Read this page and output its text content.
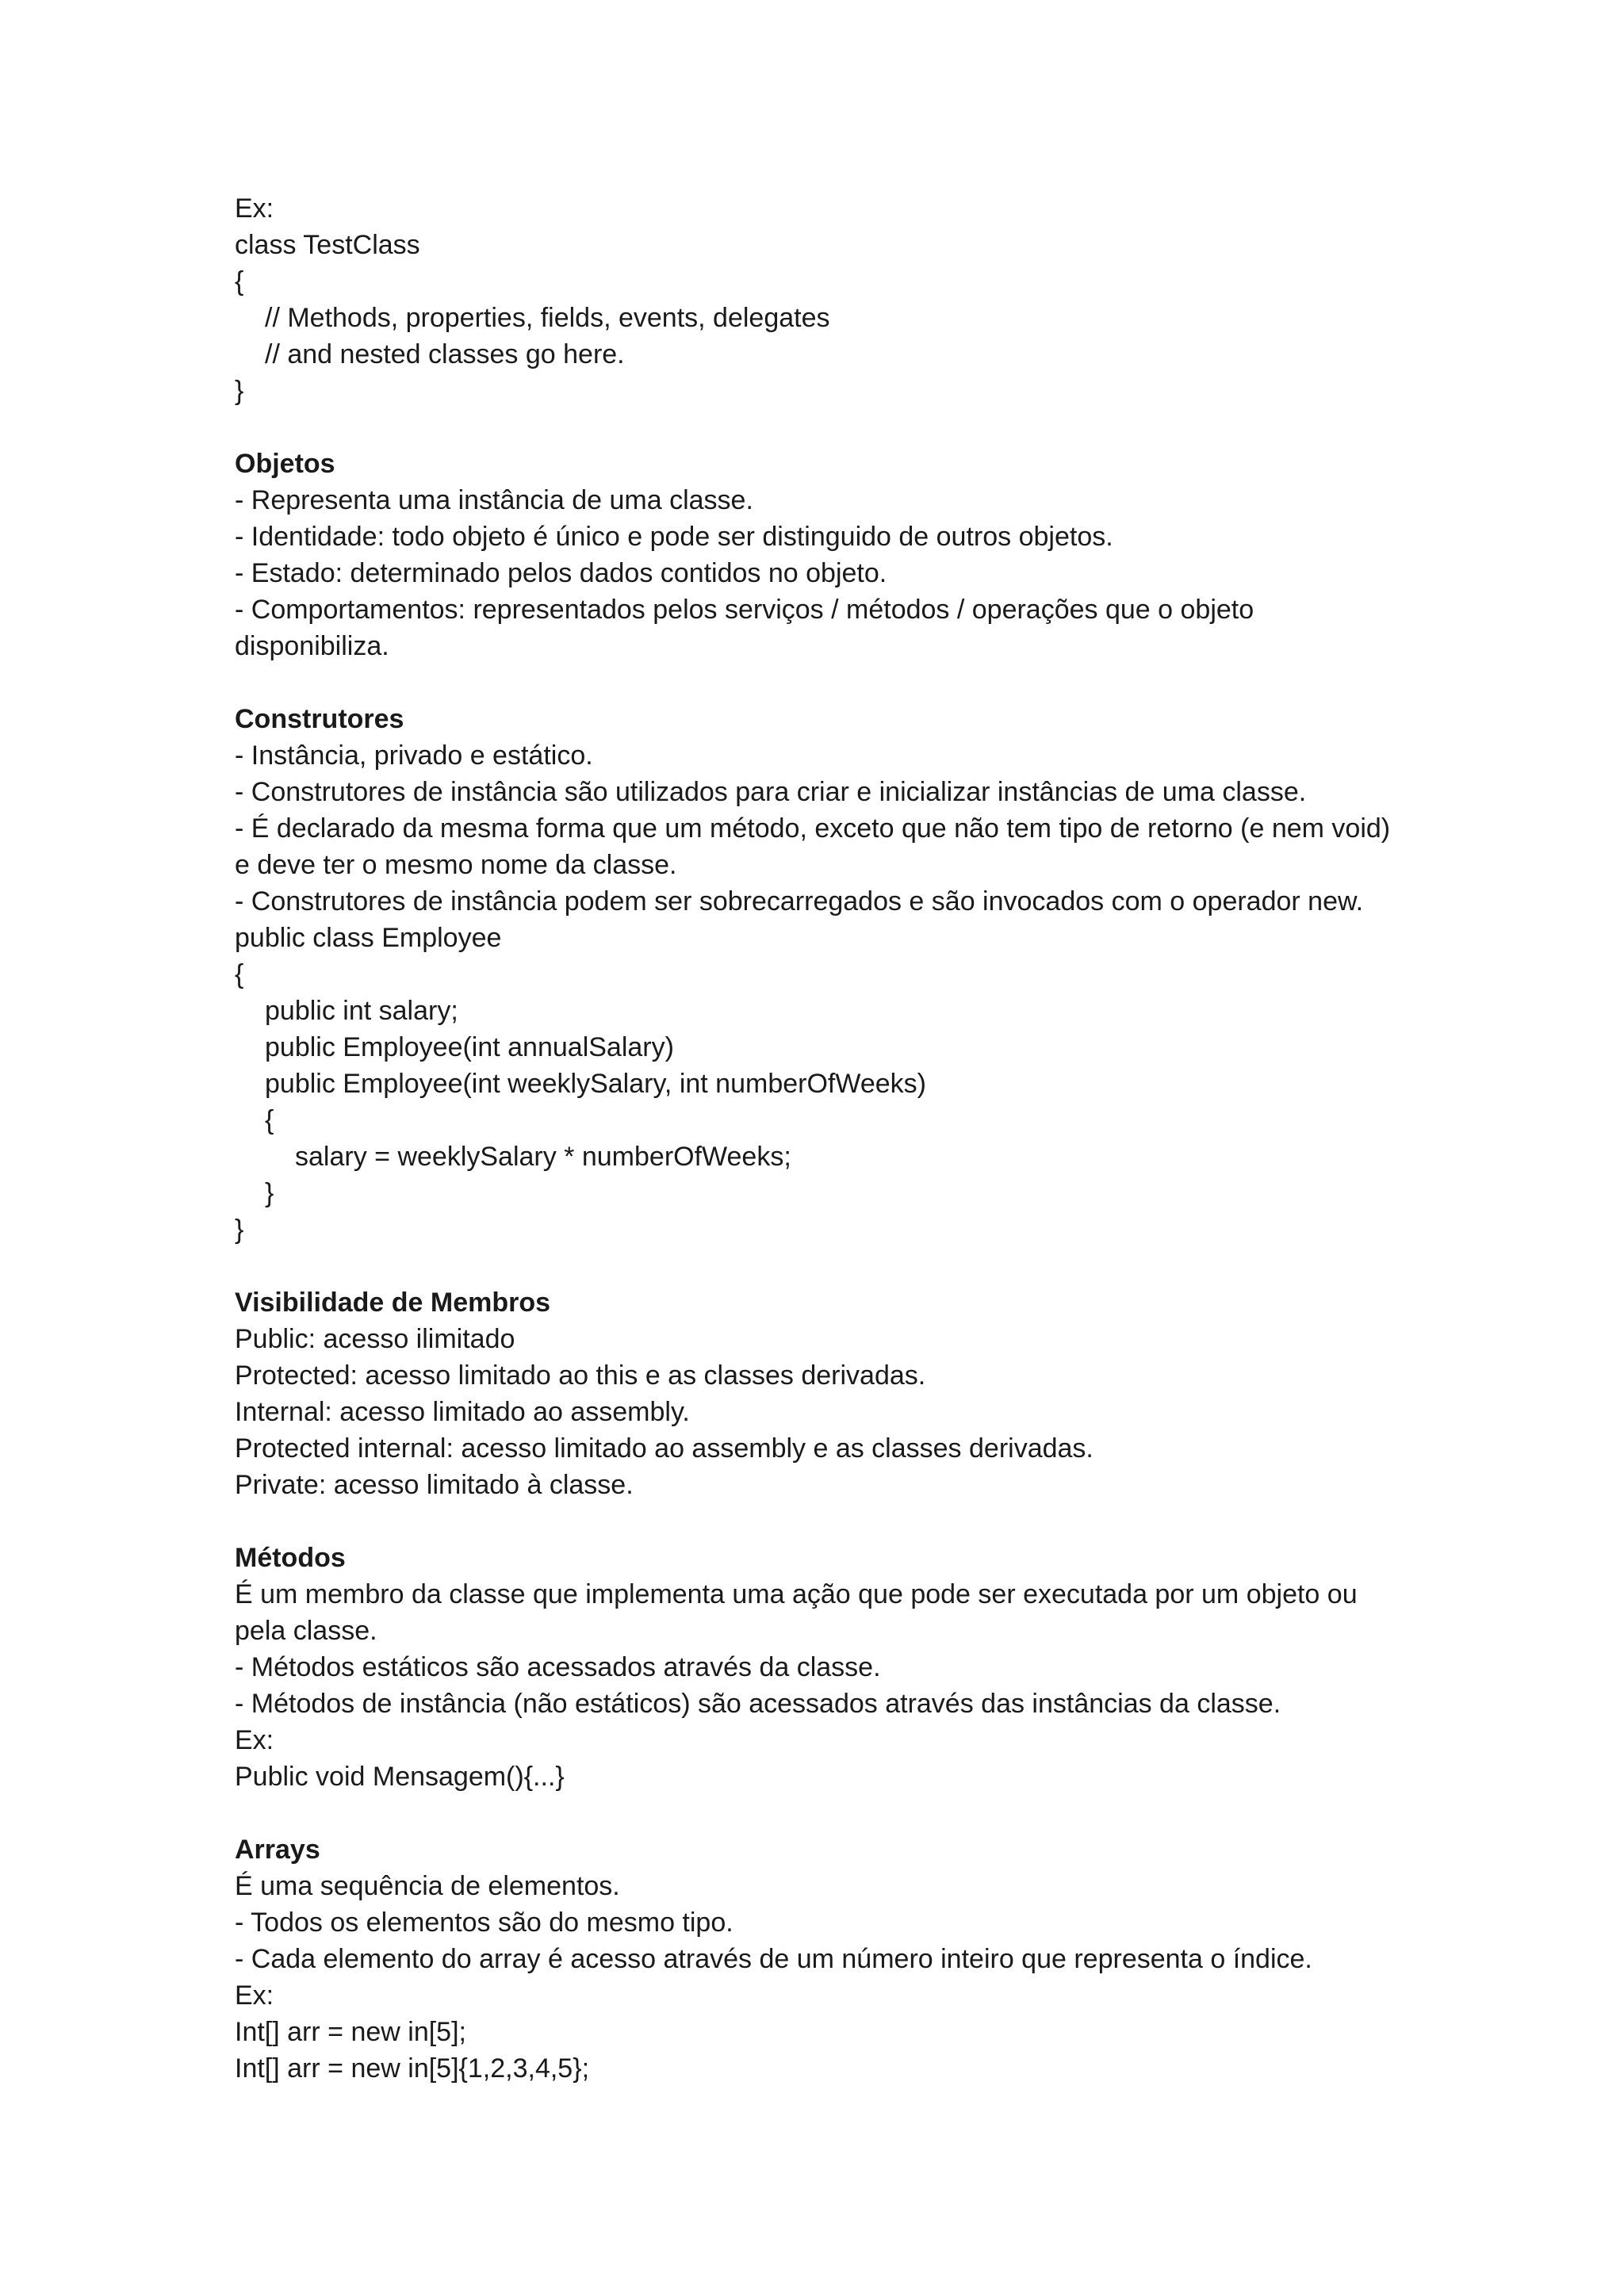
Ex:
class TestClass
{
// Methods, properties, fields, events, delegates
// and nested classes go here.
}
Objetos
- Representa uma instância de uma classe.
- Identidade: todo objeto é único e pode ser distinguido de outros objetos.
- Estado: determinado pelos dados contidos no objeto.
- Comportamentos: representados pelos serviços / métodos / operações que o objeto disponibiliza.
Construtores
- Instância, privado e estático.
- Construtores de instância são utilizados para criar e inicializar instâncias de uma classe.
- É declarado da mesma forma que um método, exceto que não tem tipo de retorno (e nem void) e deve ter o mesmo nome da classe.
- Construtores de instância podem ser sobrecarregados e são invocados com o operador new.
public class Employee
{
public int salary;
public Employee(int annualSalary)
public Employee(int weeklySalary, int numberOfWeeks)
{
salary = weeklySalary * numberOfWeeks;
}
}
Visibilidade de Membros
Public: acesso ilimitado
Protected: acesso limitado ao this e as classes derivadas.
Internal: acesso limitado ao assembly.
Protected internal: acesso limitado ao assembly e as classes derivadas.
Private: acesso limitado à classe.
Métodos
É um membro da classe que implementa uma ação que pode ser executada por um objeto ou pela classe.
- Métodos estáticos são acessados através da classe.
- Métodos de instância (não estáticos) são acessados através das instâncias da classe.
Ex:
Public void Mensagem(){...}
Arrays
É uma sequência de elementos.
- Todos os elementos são do mesmo tipo.
- Cada elemento do array é acesso através de um número inteiro que representa o índice.
Ex:
Int[] arr = new in[5];
Int[] arr = new in[5]{1,2,3,4,5};
